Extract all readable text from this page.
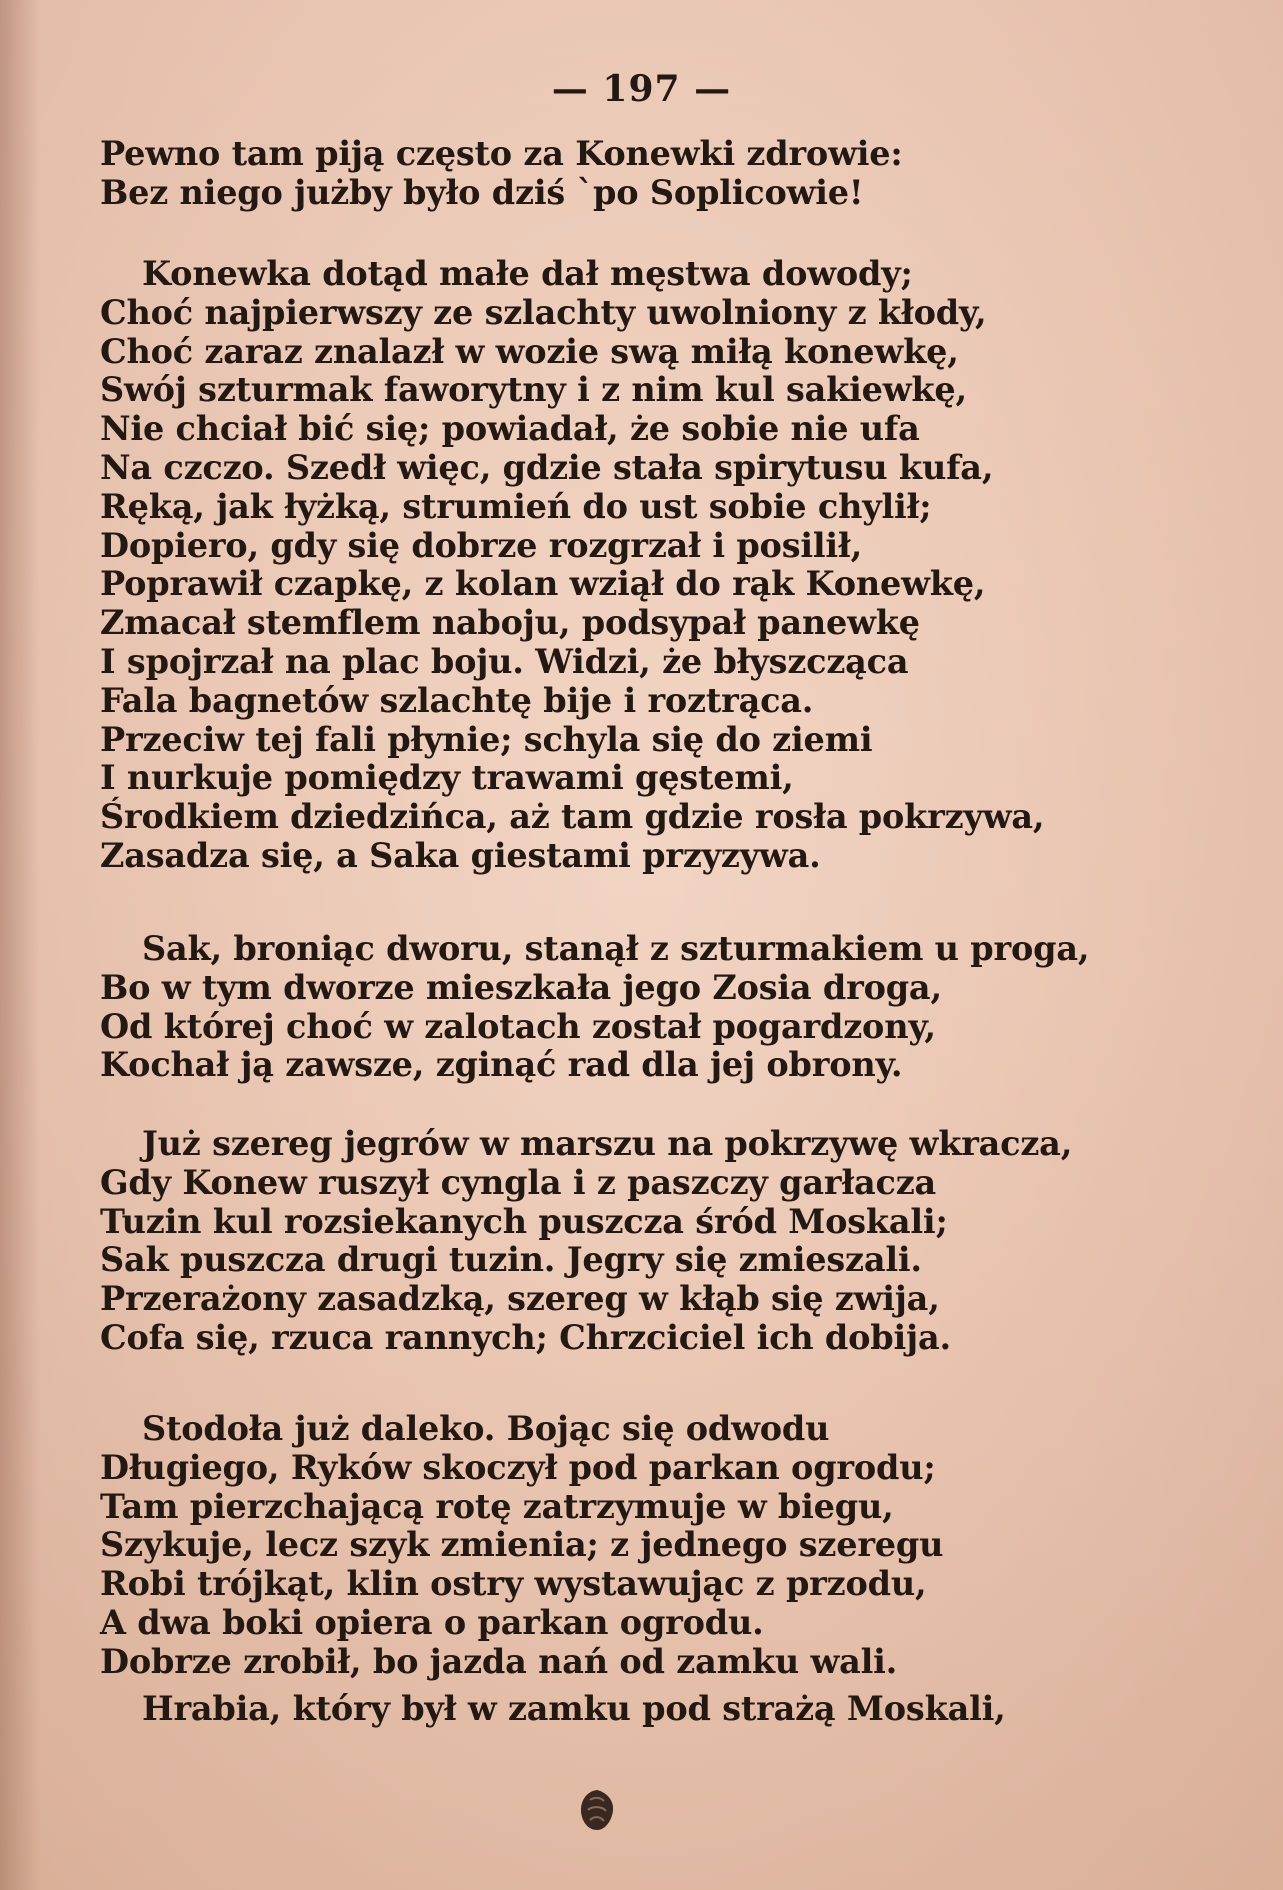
— 197 —
Pewno tam piją często za Konewki zdrowie:
Bez niego jużby było dziś `po Soplicowie!
Konewka dotąd małe dał męstwa dowody;
Choć najpierwszy ze szlachty uwolniony z kłody,
Choć zaraz znalazł w wozie swą miłą konewkę,
Swój szturmak faworytny i z nim kul sakiewkę,
Nie chciał bić się; powiadał, że sobie nie ufa
Na czczo. Szedł więc, gdzie stała spirytusu kufa,
Ręką, jak łyżką, strumień do ust sobie chylił;
Dopiero, gdy się dobrze rozgrzał i posilił,
Poprawił czapkę, z kolan wziął do rąk Konewkę,
Zmacał stemflem naboju, podsypał panewkę
I spojrzał na plac boju. Widzi, że błyszcząca
Fala bagnetów szlachtę bije i roztrąca.
Przeciw tej fali płynie; schyla się do ziemi
I nurkuje pomiędzy trawami gęstemi,
Środkiem dziedzińca, aż tam gdzie rosła pokrzywa,
Zasadza się, a Saka giestami przyzywa.
Sak, broniąc dworu, stanął z szturmakiem u proga,
Bo w tym dworze mieszkała jego Zosia droga,
Od której choć w zalotach został pogardzony,
Kochał ją zawsze, zginąć rad dla jej obrony.
Już szereg jegrów w marszu na pokrzywę wkracza,
Gdy Konew ruszył cyngla i z paszczy garłacza
Tuzin kul rozsiekanych puszcza śród Moskali;
Sak puszcza drugi tuzin. Jegry się zmieszali.
Przerażony zasadzką, szereg w kłąb się zwija,
Cofa się, rzuca rannych; Chrzciciel ich dobija.
Stodoła już daleko. Bojąc się odwodu
Długiego, Ryków skoczył pod parkan ogrodu;
Tam pierzchającą rotę zatrzymuje w biegu,
Szykuje, lecz szyk zmienia; z jednego szeregu
Robi trójkąt, klin ostry wystawując z przodu,
A dwa boki opiera o parkan ogrodu.
Dobrze zrobił, bo jazda nań od zamku wali.
Hrabia, który był w zamku pod strażą Moskali,
